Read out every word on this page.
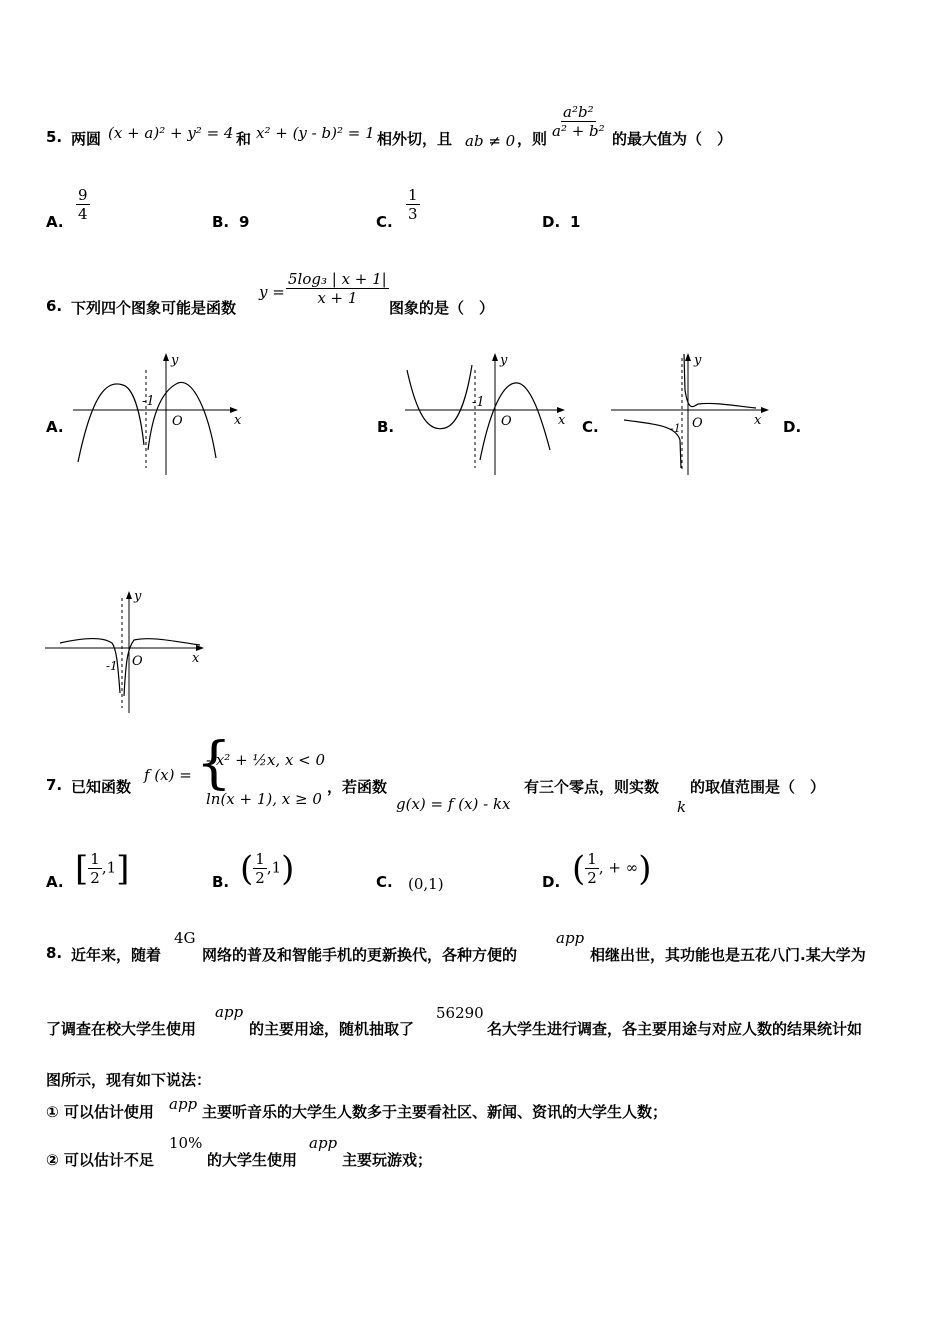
5. 两圆 (x + a)² + y² = 4 和 x² + (y - b)² = 1 相外切，且 ab ≠ 0 ，则 $\frac{\text{a²b²}}{\text{a² + b²}}$ 的最大值为（　）
A. $\frac{9}{4}$	B. 9	C. $\frac{1}{3}$	D. 1
6. 下列四个图象可能是函数
$y = \frac{\text{5log₃ | x + 1|}}{x + 1}$
图象的是（　）
A.	B.	C.	D.
x
y
O
-1
x
y
O
-1
x
y
O
-1
x
y
O
-1
7. 已知函数
f (x) = {
- x² + ½x, x < 0
ln(x + 1), x ≥ 0
，若函数
g(x) = f (x) - kx
有三个零点，则实数
k
的取值范围是（　）
A. [ $\frac{1}{2} ,1$]	B. ( $\frac{1}{2} ,1$)	C. (0,1)	D. ( $\frac{1}{2}$ , + ∞)
8. 近年来，随着
4G
网络的普及和智能手机的更新换代，各种方便的
app
相继出世，其功能也是五花八门.某大学为
了调查在校大学生使用
app
的主要用途，随机抽取了
56290
名大学生进行调查，各主要用途与对应人数的结果统计如
图所示，现有如下说法：
① 可以估计使用 app 主要听音乐的大学生人数多于主要看社区、新闻、资讯的大学生人数；
② 可以估计不足
10%
的大学生使用
app
主要玩游戏；
